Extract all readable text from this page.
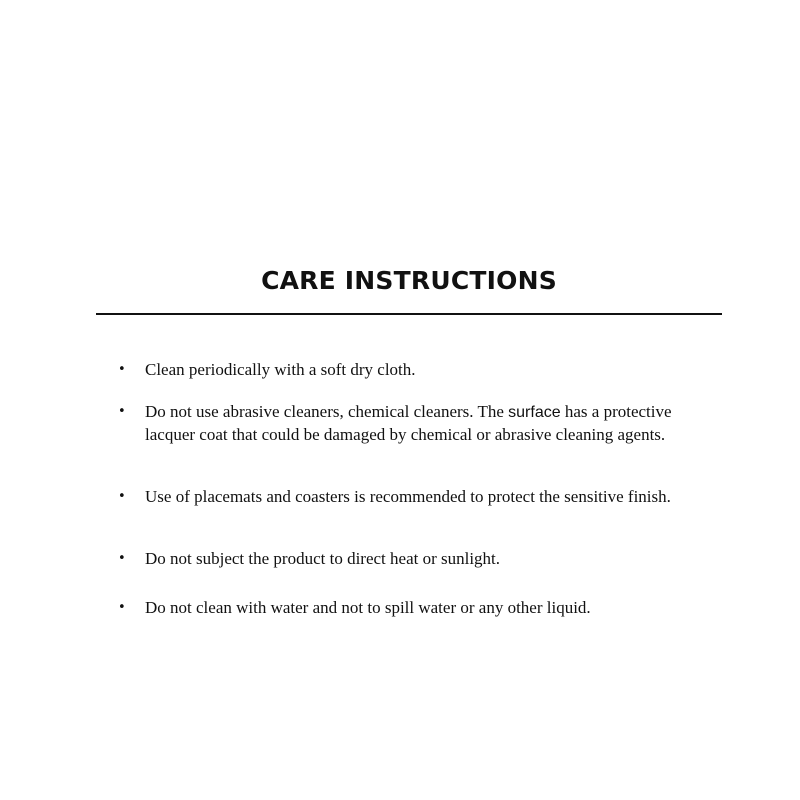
CARE INSTRUCTIONS
• Clean periodically with a soft dry cloth.
• Do not use abrasive cleaners, chemical cleaners. The surface has a protective lacquer coat that could be damaged by chemical or abrasive cleaning agents.
• Use of placemats and coasters is recommended to protect the sensitive finish.
• Do not subject the product to direct heat or sunlight.
• Do not clean with water and not to spill water or any other liquid.
